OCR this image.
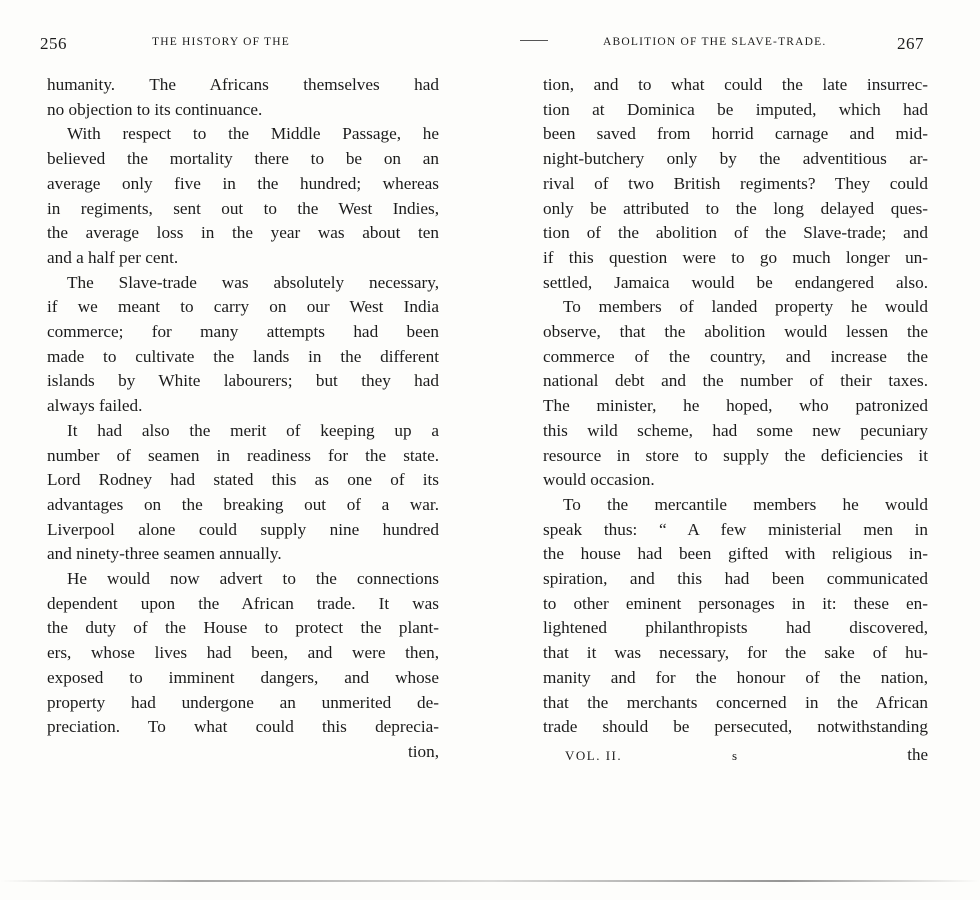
256	THE HISTORY OF THE
humanity. The Africans themselves had
no objection to its continuance.
With respect to the Middle Passage, he
believed the mortality there to be on an
average only five in the hundred; whereas
in regiments, sent out to the West Indies,
the average loss in the year was about ten
and a half per cent.
The Slave-trade was absolutely necessary,
if we meant to carry on our West India
commerce; for many attempts had been
made to cultivate the lands in the different
islands by White labourers; but they had
always failed.
It had also the merit of keeping up a
number of seamen in readiness for the state.
Lord Rodney had stated this as one of its
advantages on the breaking out of a war.
Liverpool alone could supply nine hundred
and ninety-three seamen annually.
He would now advert to the connections
dependent upon the African trade. It was
the duty of the House to protect the plant-
ers, whose lives had been, and were then,
exposed to imminent dangers, and whose
property had undergone an unmerited de-
preciation. To what could this deprecia-
tion,
ABOLITION OF THE SLAVE-TRADE.	267
tion, and to what could the late insurrec-
tion at Dominica be imputed, which had
been saved from horrid carnage and mid-
night-butchery only by the adventitious ar-
rival of two British regiments? They could
only be attributed to the long delayed ques-
tion of the abolition of the Slave-trade; and
if this question were to go much longer un-
settled, Jamaica would be endangered also.
To members of landed property he would
observe, that the abolition would lessen the
commerce of the country, and increase the
national debt and the number of their taxes.
The minister, he hoped, who patronized
this wild scheme, had some new pecuniary
resource in store to supply the deficiencies it
would occasion.
To the mercantile members he would
speak thus: “ A few ministerial men in
the house had been gifted with religious in-
spiration, and this had been communicated
to other eminent personages in it: these en-
lightened philanthropists had discovered,
that it was necessary, for the sake of hu-
manity and for the honour of the nation,
that the merchants concerned in the African
trade should be persecuted, notwithstanding
VOL. II.	s	the
